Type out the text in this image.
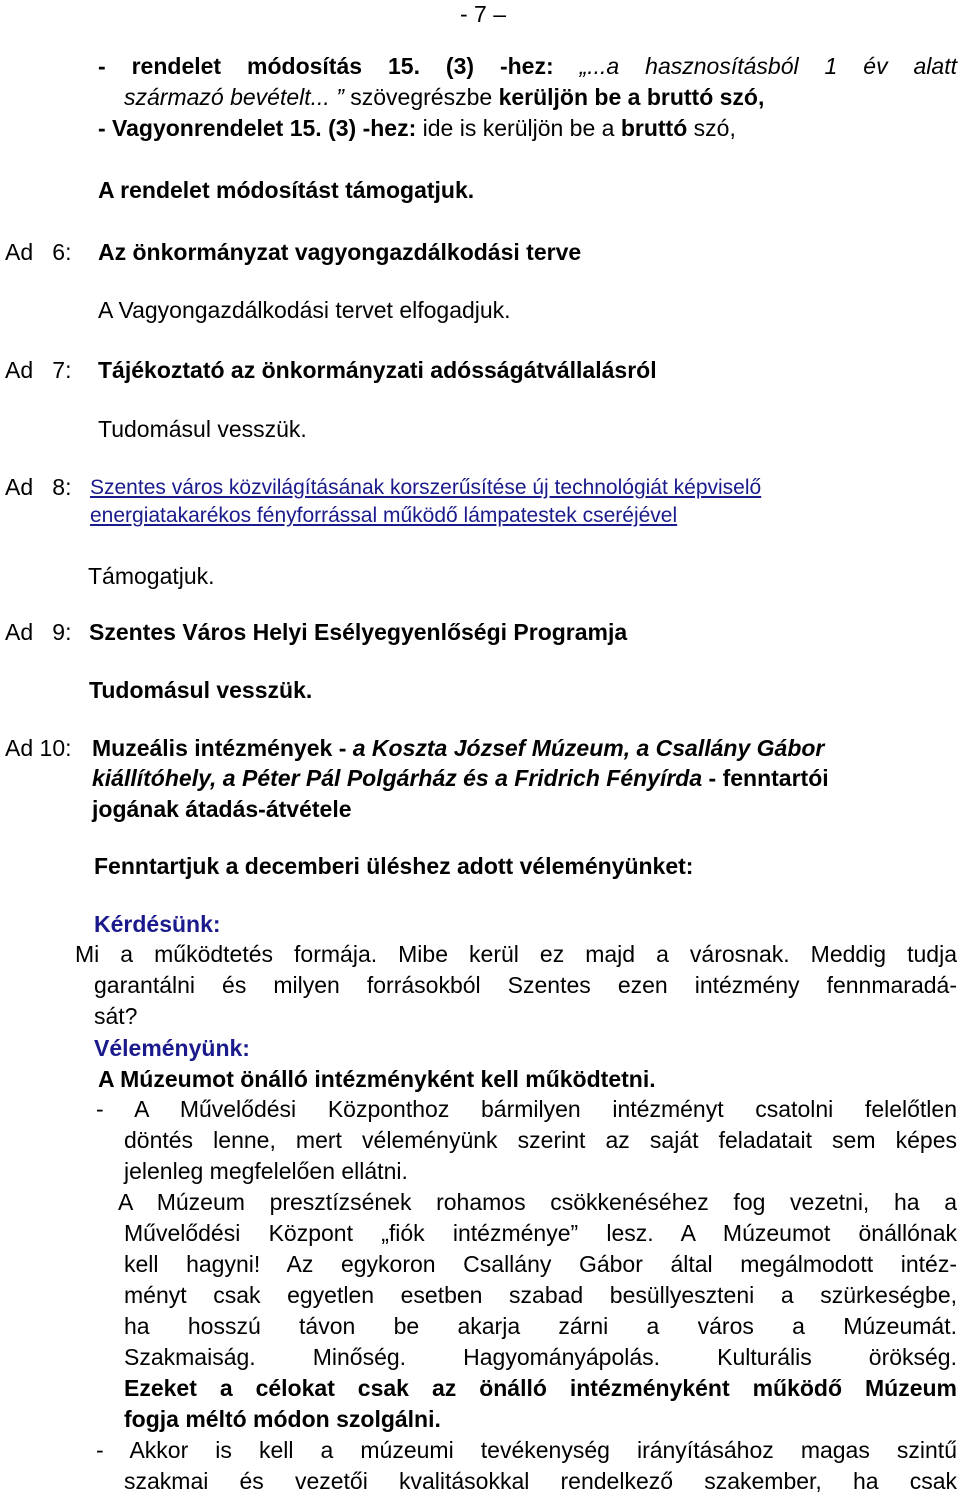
- 7 –
- rendelet módosítás 15. (3) -hez: „...a hasznosításból 1 év alatt
származó bevételt... ” szövegrészbe kerüljön be a bruttó szó,
- Vagyonrendelet 15. (3) -hez: ide is kerüljön be a bruttó szó,
A rendelet módosítást támogatjuk.
Ad   6: Az önkormányzat vagyongazdálkodási terve
A Vagyongazdálkodási tervet elfogadjuk.
Ad   7: Tájékoztató az önkormányzati adósságátvállalásról
Tudomásul vesszük.
Ad   8: Szentes város közvilágításának korszerűsítése új technológiát képviselő
energiatakarékos fényforrással működő lámpatestek cseréjével
Támogatjuk.
Ad   9: Szentes Város Helyi Esélyegyenlőségi Programja
Tudomásul vesszük.
Ad 10: Muzeális intézmények - a Koszta József Múzeum, a Csallány Gábor
kiállítóhely, a Péter Pál Polgárház és a Fridrich Fényírda - fenntartói
jogának átadás-átvétele
Fenntartjuk a decemberi üléshez adott véleményünket:
Kérdésünk:
Mi a működtetés formája. Mibe kerül ez majd a városnak. Meddig tudja
garantálni és milyen forrásokból Szentes ezen intézmény fennmaradá-
sát?
Véleményünk:
A Múzeumot önálló intézményként kell működtetni.
- A Művelődési Központhoz bármilyen intézményt csatolni felelőtlen
döntés lenne, mert véleményünk szerint az saját feladatait sem képes
jelenleg megfelelően ellátni.
A Múzeum presztízsének rohamos csökkenéséhez fog vezetni, ha a
Művelődési Központ „fiók intézménye” lesz. A Múzeumot önállónak
kell hagyni! Az egykoron Csallány Gábor által megálmodott intéz-
ményt csak egyetlen esetben szabad besüllyeszteni a szürkeségbe,
ha hosszú távon be akarja zárni a város a Múzeumát.
Szakmaiság. Minőség. Hagyományápolás. Kulturális örökség.
Ezeket a célokat csak az önálló intézményként működő Múzeum
fogja méltó módon szolgálni.
- Akkor is kell a múzeumi tevékenység irányításához magas szintű
szakmai és vezetői kvalitásokkal rendelkező szakember, ha csak
